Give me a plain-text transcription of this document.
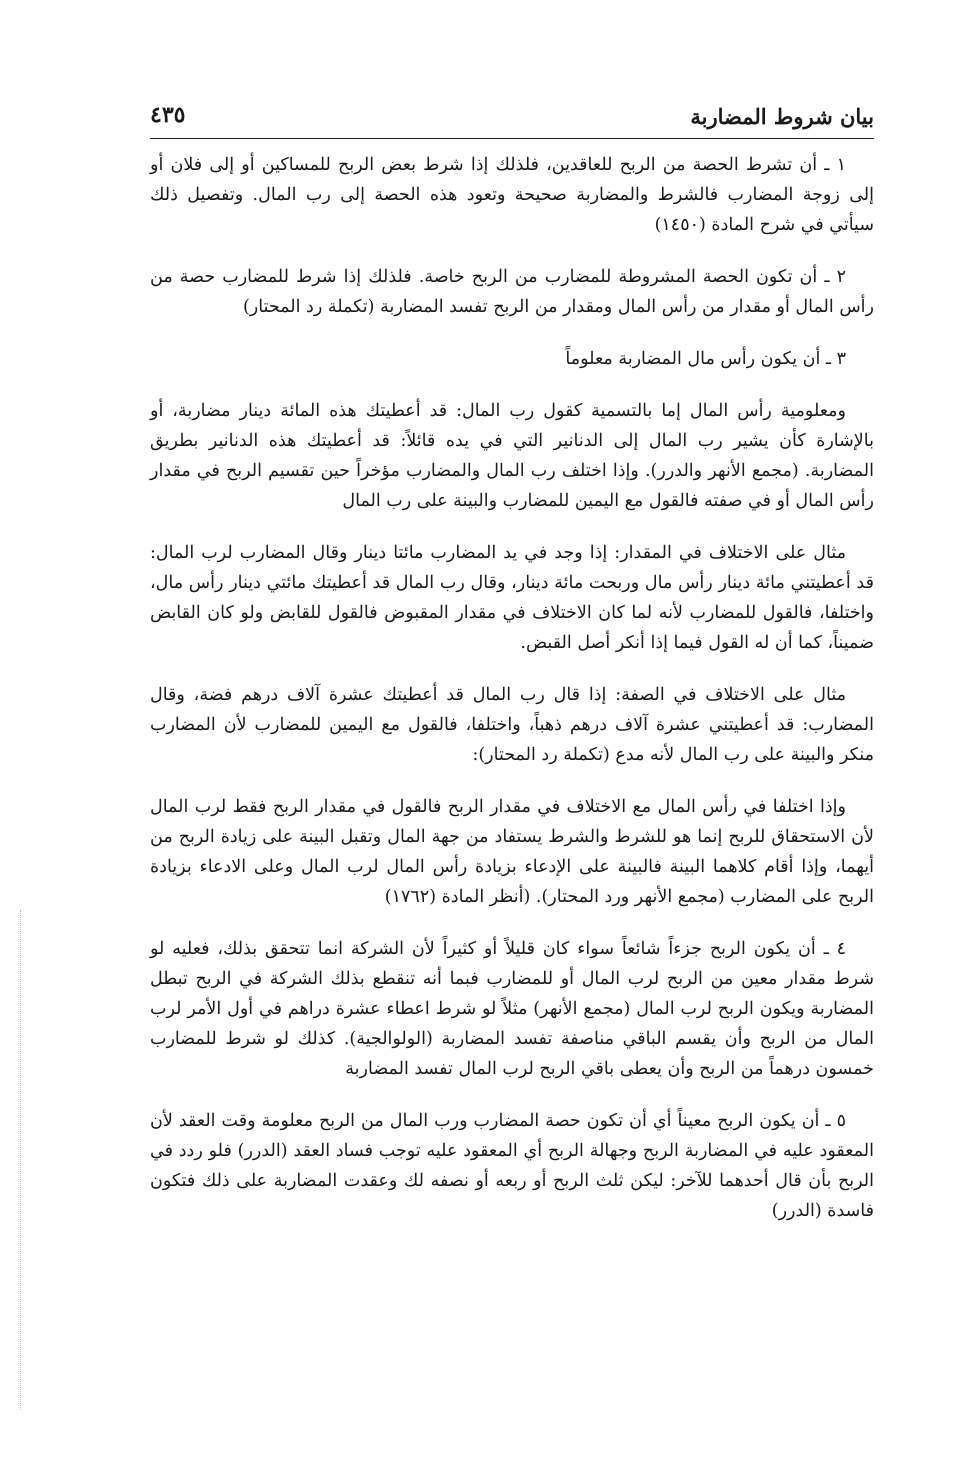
بيان شروط المضاربة
٤٣٥

١ ـ أن تشرط الحصة من الربح للعاقدين، فلذلك إذا شرط بعض الربح للمساكين أو إلى فلان أو إلى زوجة المضارب فالشرط والمضاربة صحيحة وتعود هذه الحصة إلى رب المال. وتفصيل ذلك سيأتي في شرح المادة (١٤٥٠)

٢ ـ أن تكون الحصة المشروطة للمضارب من الربح خاصة. فلذلك إذا شرط للمضارب حصة من رأس المال أو مقدار من رأس المال ومقدار من الربح تفسد المضاربة (تكملة رد المحتار)

٣ ـ أن يكون رأس مال المضاربة معلوماً

ومعلومية رأس المال إما بالتسمية كقول رب المال: قد أعطيتك هذه المائة دينار مضاربة، أو بالإشارة كأن يشير رب المال إلى الدنانير التي في يده قائلاً: قد أعطيتك هذه الدنانير بطريق المضاربة. (مجمع الأنهر والدرر). وإذا اختلف رب المال والمضارب مؤخراً حين تقسيم الربح في مقدار رأس المال أو في صفته فالقول مع اليمين للمضارب والبينة على رب المال

مثال على الاختلاف في المقدار: إذا وجد في يد المضارب مائتا دينار وقال المضارب لرب المال: قد أعطيتني مائة دينار رأس مال وربحت مائة دينار، وقال رب المال قد أعطيتك مائتي دينار رأس مال، واختلفا، فالقول للمضارب لأنه لما كان الاختلاف في مقدار المقبوض فالقول للقابض ولو كان القابض ضميناً، كما أن له القول فيما إذا أنكر أصل القبض.

مثال على الاختلاف في الصفة: إذا قال رب المال قد أعطيتك عشرة آلاف درهم فضة، وقال المضارب: قد أعطيتني عشرة آلاف درهم ذهباً، واختلفا، فالقول مع اليمين للمضارب لأن المضارب منكر والبينة على رب المال لأنه مدع (تكملة رد المحتار):

وإذا اختلفا في رأس المال مع الاختلاف في مقدار الربح فالقول في مقدار الربح فقط لرب المال لأن الاستحقاق للربح إنما هو للشرط والشرط يستفاد من جهة المال وتقبل البينة على زيادة الربح من أيهما، وإذا أقام كلاهما البينة فالبينة على الإدعاء بزيادة رأس المال لرب المال وعلى الادعاء بزيادة الربح على المضارب (مجمع الأنهر ورد المحتار). (أنظر المادة (١٧٦٢)

٤ ـ أن يكون الربح جزءاً شائعاً سواء كان قليلاً أو كثيراً لأن الشركة انما تتحقق بذلك، فعليه لو شرط مقدار معين من الربح لرب المال أو للمضارب فبما أنه تنقطع بذلك الشركة في الربح تبطل المضاربة ويكون الربح لرب المال (مجمع الأنهر) مثلاً لو شرط اعطاء عشرة دراهم في أول الأمر لرب المال من الربح وأن يقسم الباقي مناصفة تفسد المضاربة (الولوالجية). كذلك لو شرط للمضارب خمسون درهماً من الربح وأن يعطى باقي الربح لرب المال تفسد المضاربة

٥ ـ أن يكون الربح معيناً أي أن تكون حصة المضارب ورب المال من الربح معلومة وقت العقد لأن المعقود عليه في المضاربة الربح وجهالة الربح أي المعقود عليه توجب فساد العقد (الدرر) فلو ردد في الربح بأن قال أحدهما للآخر: ليكن ثلث الربح أو ربعه أو نصفه لك وعقدت المضاربة على ذلك فتكون فاسدة (الدرر)
